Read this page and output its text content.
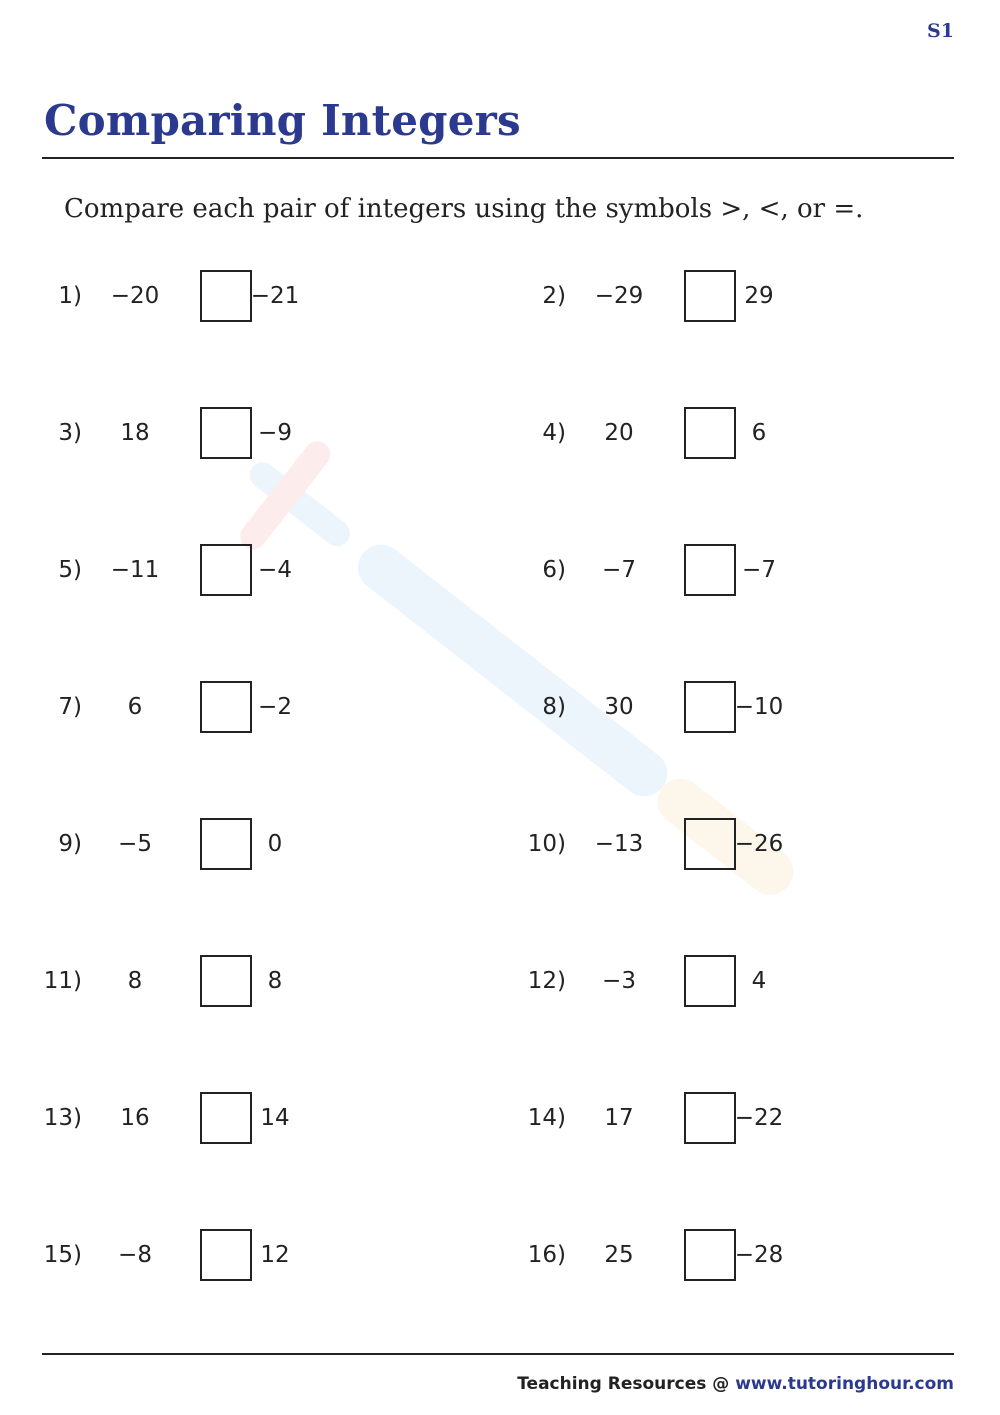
S1
Comparing Integers

Compare each pair of integers using the symbols >, <, or =.

1)	−20	−21	2)	−29	29
3)	18	−9	4)	20	6
5)	−11	−4	6)	−7	−7
7)	6	−2	8)	30	−10
9)	−5	0	10)	−13	−26
11)	8	8	12)	−3	4
13)	16	14	14)	17	−22
15)	−8	12	16)	25	−28
Teaching Resources @ www.tutoringhour.com
